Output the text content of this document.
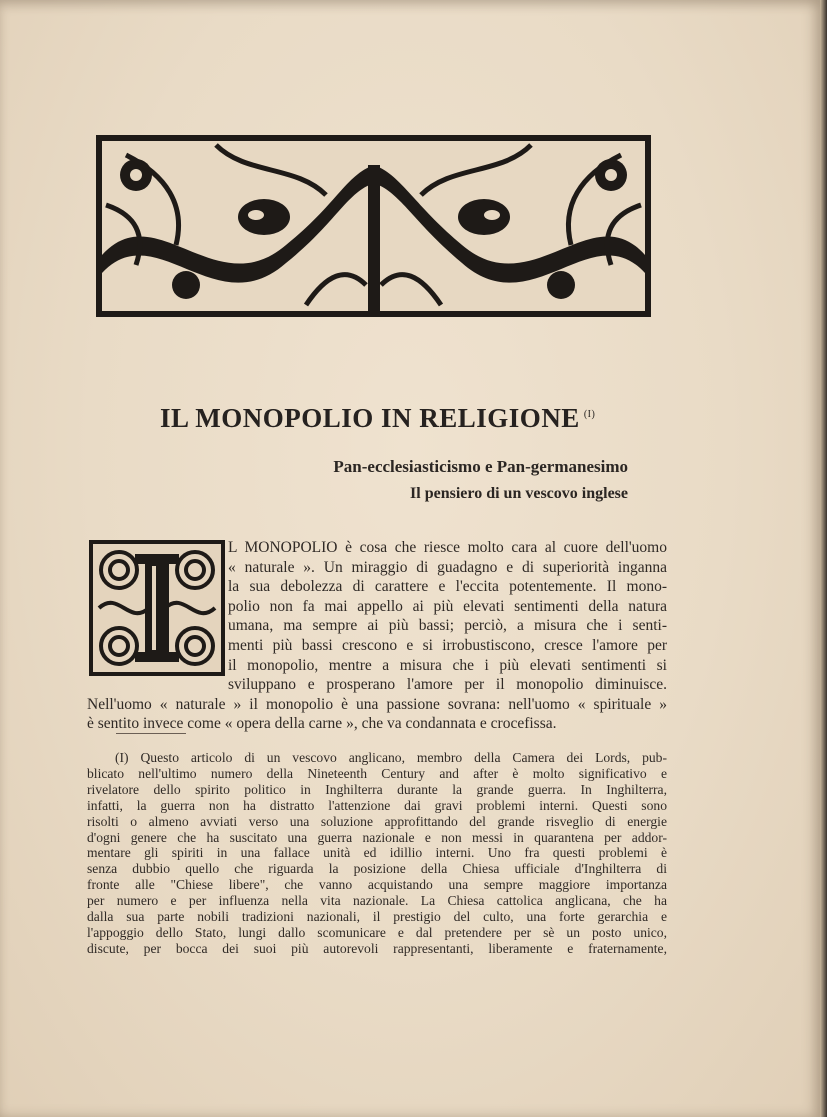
IL MONOPOLIO IN RELIGIONE $^{(I)}$
Pan-ecclesiasticismo e Pan-germanesimo
Il pensiero di un vescovo inglese
L MONOPOLIO è cosa che riesce molto cara al cuore dell'uomo
« naturale ». Un miraggio di guadagno e di superiorità inganna
la sua debolezza di carattere e l'eccita potentemente. Il mono-
polio non fa mai appello ai più elevati sentimenti della natura
umana, ma sempre ai più bassi; perciò, a misura che i senti-
menti più bassi crescono e si irrobustiscono, cresce l'amore per
il monopolio, mentre a misura che i più elevati sentimenti si
sviluppano e prosperano l'amore per il monopolio diminuisce.
Nell'uomo « naturale » il monopolio è una passione sovrana: nell'uomo « spirituale »
è sentito invece come « opera della carne », che va condannata e crocefissa.
(I) Questo articolo di un vescovo anglicano, membro della Camera dei Lords, pub-
blicato nell'ultimo numero della Nineteenth Century and after è molto significativo e
rivelatore dello spirito politico in Inghilterra durante la grande guerra. In Inghilterra,
infatti, la guerra non ha distratto l'attenzione dai gravi problemi interni. Questi sono
risolti o almeno avviati verso una soluzione approfittando del grande risveglio di energie
d'ogni genere che ha suscitato una guerra nazionale e non messi in quarantena per addor-
mentare gli spiriti in una fallace unità ed idillio interni. Uno fra questi problemi è
senza dubbio quello che riguarda la posizione della Chiesa ufficiale d'Inghilterra di
fronte alle "Chiese libere", che vanno acquistando una sempre maggiore importanza
per numero e per influenza nella vita nazionale. La Chiesa cattolica anglicana, che ha
dalla sua parte nobili tradizioni nazionali, il prestigio del culto, una forte gerarchia e
l'appoggio dello Stato, lungi dallo scomunicare e dal pretendere per sè un posto unico,
discute, per bocca dei suoi più autorevoli rappresentanti, liberamente e fraternamente,
